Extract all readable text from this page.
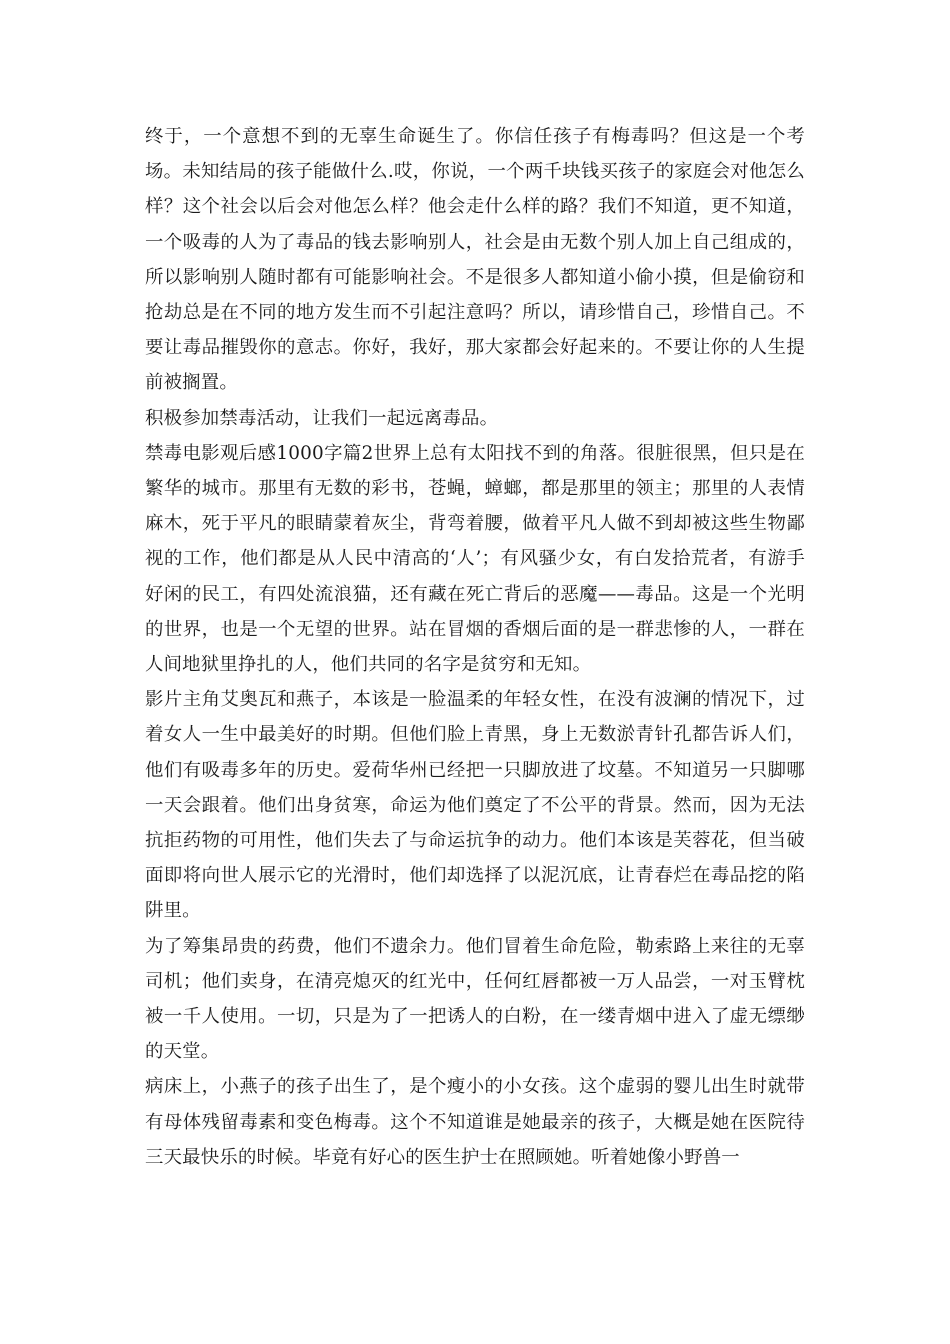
终于，一个意想不到的无辜生命诞生了。你信任孩子有梅毒吗？但这是一个考场。未知结局的孩子能做什么.哎，你说，一个两千块钱买孩子的家庭会对他怎么样？这个社会以后会对他怎么样？他会走什么样的路？我们不知道，更不知道，一个吸毒的人为了毒品的钱去影响别人，社会是由无数个别人加上自己组成的，所以影响别人随时都有可能影响社会。不是很多人都知道小偷小摸，但是偷窃和抢劫总是在不同的地方发生而不引起注意吗？所以，请珍惜自己，珍惜自己。不要让毒品摧毁你的意志。你好，我好，那大家都会好起来的。不要让你的人生提前被搁置。

积极参加禁毒活动，让我们一起远离毒品。

禁毒电影观后感1000字篇2世界上总有太阳找不到的角落。很脏很黑，但只是在繁华的城市。那里有无数的彩书，苍蝇，蟑螂，都是那里的领主；那里的人表情麻木，死于平凡的眼睛蒙着灰尘，背弯着腰，做着平凡人做不到却被这些生物鄙视的工作，他们都是从人民中清高的‘人’；有风骚少女，有白发拾荒者，有游手好闲的民工，有四处流浪猫，还有藏在死亡背后的恶魔——毒品。这是一个光明的世界，也是一个无望的世界。站在冒烟的香烟后面的是一群悲惨的人，一群在人间地狱里挣扎的人，他们共同的名字是贫穷和无知。

影片主角艾奥瓦和燕子，本该是一脸温柔的年轻女性，在没有波澜的情况下，过着女人一生中最美好的时期。但他们脸上青黑，身上无数淤青针孔都告诉人们，他们有吸毒多年的历史。爱荷华州已经把一只脚放进了坟墓。不知道另一只脚哪一天会跟着。他们出身贫寒，命运为他们奠定了不公平的背景。然而，因为无法抗拒药物的可用性，他们失去了与命运抗争的动力。他们本该是芙蓉花，但当破面即将向世人展示它的光滑时，他们却选择了以泥沉底，让青春烂在毒品挖的陷阱里。

为了筹集昂贵的药费，他们不遗余力。他们冒着生命危险，勒索路上来往的无辜司机；他们卖身，在清亮熄灭的红光中，任何红唇都被一万人品尝，一对玉臂枕被一千人使用。一切，只是为了一把诱人的白粉，在一缕青烟中进入了虚无缥缈的天堂。

病床上，小燕子的孩子出生了，是个瘦小的小女孩。这个虚弱的婴儿出生时就带有母体残留毒素和变色梅毒。这个不知道谁是她最亲的孩子，大概是她在医院待三天最快乐的时候。毕竟有好心的医生护士在照顾她。听着她像小野兽一
